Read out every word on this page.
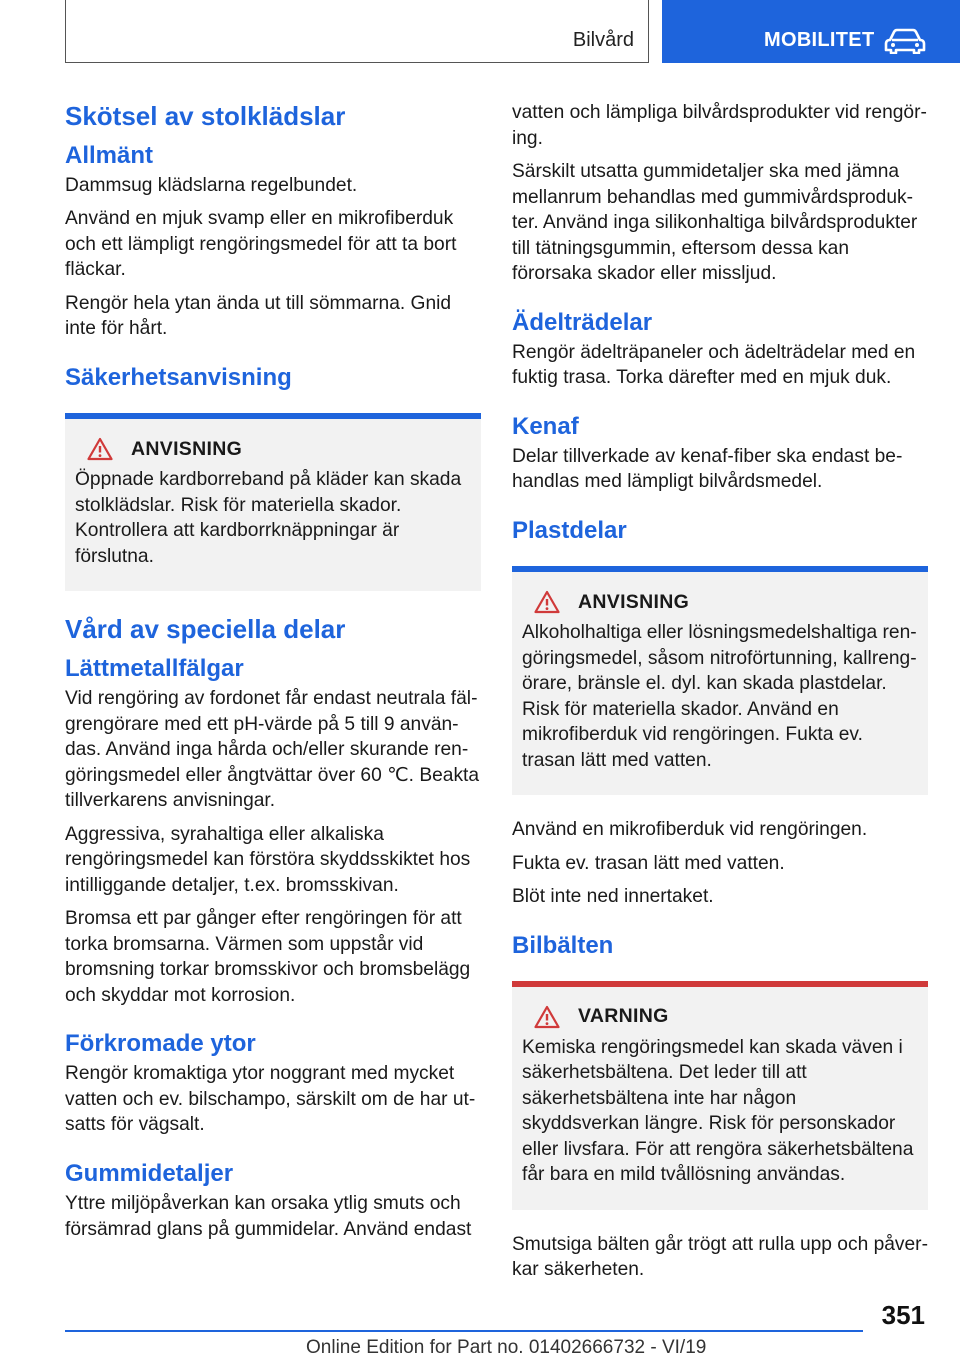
Bilvård	MOBILITET
Skötsel av stolklädslar
Allmänt

Dammsug klädslarna regelbundet.

Använd en mjuk svamp eller en mikrofiberduk och ett lämpligt rengöringsmedel för att ta bort fläckar.

Rengör hela ytan ända ut till sömmarna. Gnid inte för hårt.

Säkerhetsanvisning
ANVISNING

Öppnade kardborreband på kläder kan skada stolklädslar. Risk för materiella skador. Kontrollera att kardborrknäppningar är förslutna.

Vård av speciella delar
Lättmetallfälgar

Vid rengöring av fordonet får endast neutrala fälgrengörare med ett pH-värde på 5 till 9 användas. Använd inga hårda och/eller skurande rengöringsmedel eller ångtvättar över 60 ℃. Beakta tillverkarens anvisningar.

Aggressiva, syrahaltiga eller alkaliska rengöringsmedel kan förstöra skyddsskiktet hos intilliggande detaljer, t.ex. bromsskivan.

Bromsa ett par gånger efter rengöringen för att torka bromsarna. Värmen som uppstår vid bromsning torkar bromsskivor och bromsbelägg och skyddar mot korrosion.

Förkromade ytor

Rengör kromaktiga ytor noggrant med mycket vatten och ev. bilschampo, särskilt om de har utsatts för vägsalt.

Gummidetaljer

Yttre miljöpåverkan kan orsaka ytlig smuts och försämrad glans på gummidelar. Använd endast

vatten och lämpliga bilvårdsprodukter vid rengöring.

Särskilt utsatta gummidetaljer ska med jämna mellanrum behandlas med gummivårdsprodukter. Använd inga silikonhaltiga bilvårdsprodukter till tätningsgummin, eftersom dessa kan förorsaka skador eller missljud.

Ädelträdelar

Rengör ädelträpaneler och ädelträdelar med en fuktig trasa. Torka därefter med en mjuk duk.

Kenaf

Delar tillverkade av kenaf-fiber ska endast behandlas med lämpligt bilvårdsmedel.

Plastdelar
ANVISNING

Alkoholhaltiga eller lösningsmedelshaltiga rengöringsmedel, såsom nitroförtunning, kallrengörare, bränsle el. dyl. kan skada plastdelar. Risk för materiella skador. Använd en mikrofiberduk vid rengöringen. Fukta ev. trasan lätt med vatten.

Använd en mikrofiberduk vid rengöringen.

Fukta ev. trasan lätt med vatten.

Blöt inte ned innertaket.

Bilbälten
VARNING

Kemiska rengöringsmedel kan skada väven i säkerhetsbältena. Det leder till att säkerhetsbältena inte har någon skyddsverkan längre. Risk för personskador eller livsfara. För att rengöra säkerhetsbältena får bara en mild tvållösning användas.

Smutsiga bälten går trögt att rulla upp och påverkar säkerheten.

351
Online Edition for Part no. 01402666732 - VI/19
